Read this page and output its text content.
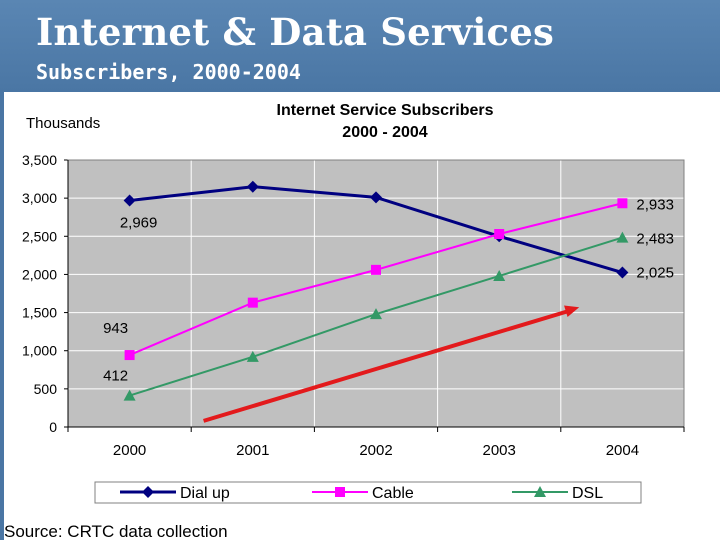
Internet & Data Services
Subscribers, 2000-2004
Thousands
Internet Service Subscribers
2000 - 2004
0
500
1,000
1,500
2,000
2,500
3,000
3,500
2000	2001	2002	2003	2004
2,969
2,025
943
2,933
412
2,483
Dial up	Cable	DSL
Source: CRTC data collection
